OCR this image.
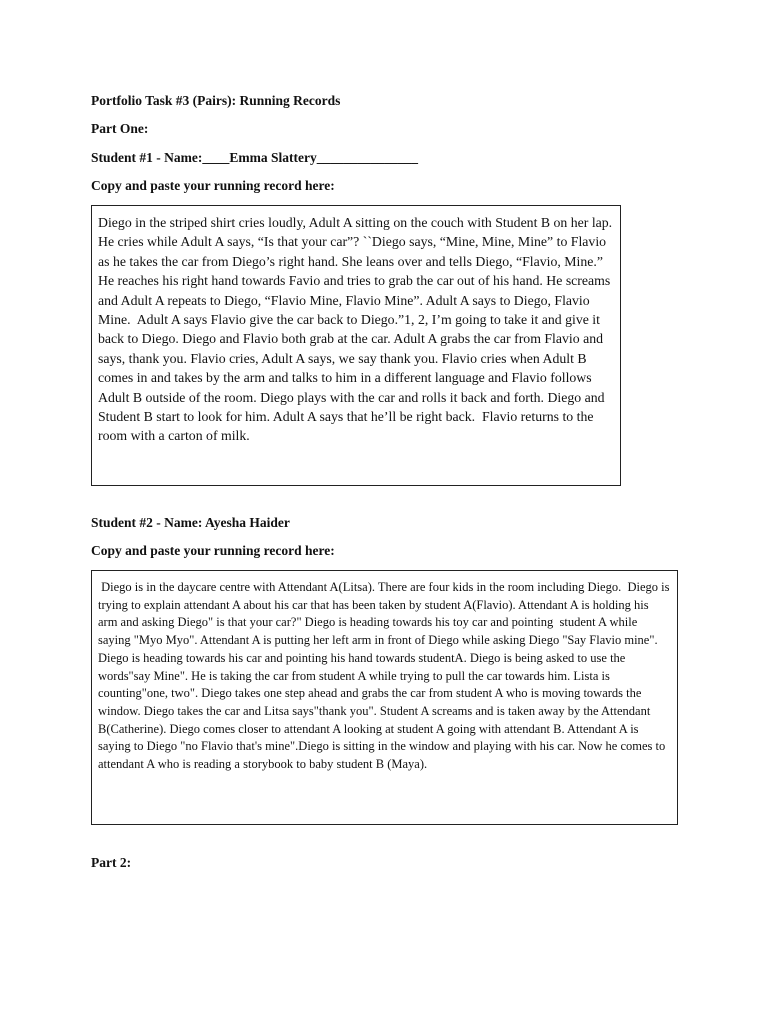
Portfolio Task #3 (Pairs): Running Records
Part One:
Student #1 - Name:____Emma Slattery_______________
Copy and paste your running record here:

Diego in the striped shirt cries loudly, Adult A sitting on the couch with Student B on her lap. He cries while Adult A says, “Is that your car”? ``Diego says, “Mine, Mine, Mine” to Flavio as he takes the car from Diego’s right hand. She leans over and tells Diego, “Flavio, Mine.” He reaches his right hand towards Favio and tries to grab the car out of his hand. He screams and Adult A repeats to Diego, “Flavio Mine, Flavio Mine”. Adult A says to Diego, Flavio Mine.  Adult A says Flavio give the car back to Diego.”1, 2, I’m going to take it and give it back to Diego. Diego and Flavio both grab at the car. Adult A grabs the car from Flavio and says, thank you. Flavio cries, Adult A says, we say thank you. Flavio cries when Adult B comes in and takes by the arm and talks to him in a different language and Flavio follows Adult B outside of the room. Diego plays with the car and rolls it back and forth. Diego and Student B start to look for him. Adult A says that he’ll be right back.  Flavio returns to the room with a carton of milk.

Student #2 - Name: Ayesha Haider
Copy and paste your running record here:

Diego is in the daycare centre with Attendant A(Litsa). There are four kids in the room including Diego.  Diego is trying to explain attendant A about his car that has been taken by student A(Flavio). Attendant A is holding his arm and asking Diego" is that your car?" Diego is heading towards his toy car and pointing  student A while saying "Myo Myo". Attendant A is putting her left arm in front of Diego while asking Diego "Say Flavio mine". Diego is heading towards his car and pointing his hand towards studentA. Diego is being asked to use the words"say Mine". He is taking the car from student A while trying to pull the car towards him. Lista is counting"one, two". Diego takes one step ahead and grabs the car from student A who is moving towards the window. Diego takes the car and Litsa says"thank you". Student A screams and is taken away by the Attendant B(Catherine). Diego comes closer to attendant A looking at student A going with attendant B. Attendant A is saying to Diego "no Flavio that's mine".Diego is sitting in the window and playing with his car. Now he comes to attendant A who is reading a storybook to baby student B (Maya).

Part 2:
